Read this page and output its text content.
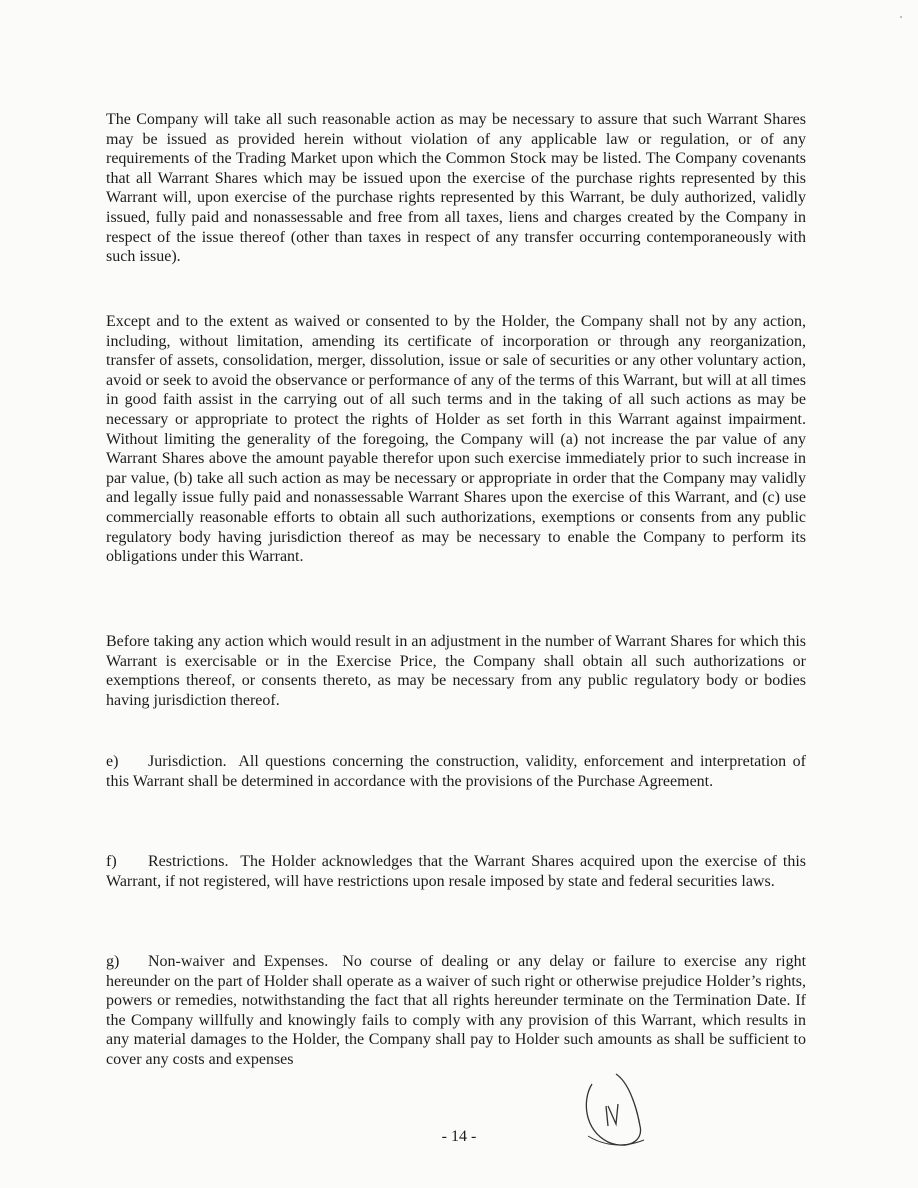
The Company will take all such reasonable action as may be necessary to assure that such Warrant Shares may be issued as provided herein without violation of any applicable law or regulation, or of any requirements of the Trading Market upon which the Common Stock may be listed. The Company covenants that all Warrant Shares which may be issued upon the exercise of the purchase rights represented by this Warrant will, upon exercise of the purchase rights represented by this Warrant, be duly authorized, validly issued, fully paid and nonassessable and free from all taxes, liens and charges created by the Company in respect of the issue thereof (other than taxes in respect of any transfer occurring contemporaneously with such issue).

Except and to the extent as waived or consented to by the Holder, the Company shall not by any action, including, without limitation, amending its certificate of incorporation or through any reorganization, transfer of assets, consolidation, merger, dissolution, issue or sale of securities or any other voluntary action, avoid or seek to avoid the observance or performance of any of the terms of this Warrant, but will at all times in good faith assist in the carrying out of all such terms and in the taking of all such actions as may be necessary or appropriate to protect the rights of Holder as set forth in this Warrant against impairment. Without limiting the generality of the foregoing, the Company will (a) not increase the par value of any Warrant Shares above the amount payable therefor upon such exercise immediately prior to such increase in par value, (b) take all such action as may be necessary or appropriate in order that the Company may validly and legally issue fully paid and nonassessable Warrant Shares upon the exercise of this Warrant, and (c) use commercially reasonable efforts to obtain all such authorizations, exemptions or consents from any public regulatory body having jurisdiction thereof as may be necessary to enable the Company to perform its obligations under this Warrant.

Before taking any action which would result in an adjustment in the number of Warrant Shares for which this Warrant is exercisable or in the Exercise Price, the Company shall obtain all such authorizations or exemptions thereof, or consents thereto, as may be necessary from any public regulatory body or bodies having jurisdiction thereof.

e) Jurisdiction. All questions concerning the construction, validity, enforcement and interpretation of this Warrant shall be determined in accordance with the provisions of the Purchase Agreement.

f) Restrictions. The Holder acknowledges that the Warrant Shares acquired upon the exercise of this Warrant, if not registered, will have restrictions upon resale imposed by state and federal securities laws.

g) Non-waiver and Expenses. No course of dealing or any delay or failure to exercise any right hereunder on the part of Holder shall operate as a waiver of such right or otherwise prejudice Holder’s rights, powers or remedies, notwithstanding the fact that all rights hereunder terminate on the Termination Date. If the Company willfully and knowingly fails to comply with any provision of this Warrant, which results in any material damages to the Holder, the Company shall pay to Holder such amounts as shall be sufficient to cover any costs and expenses

- 14 -
